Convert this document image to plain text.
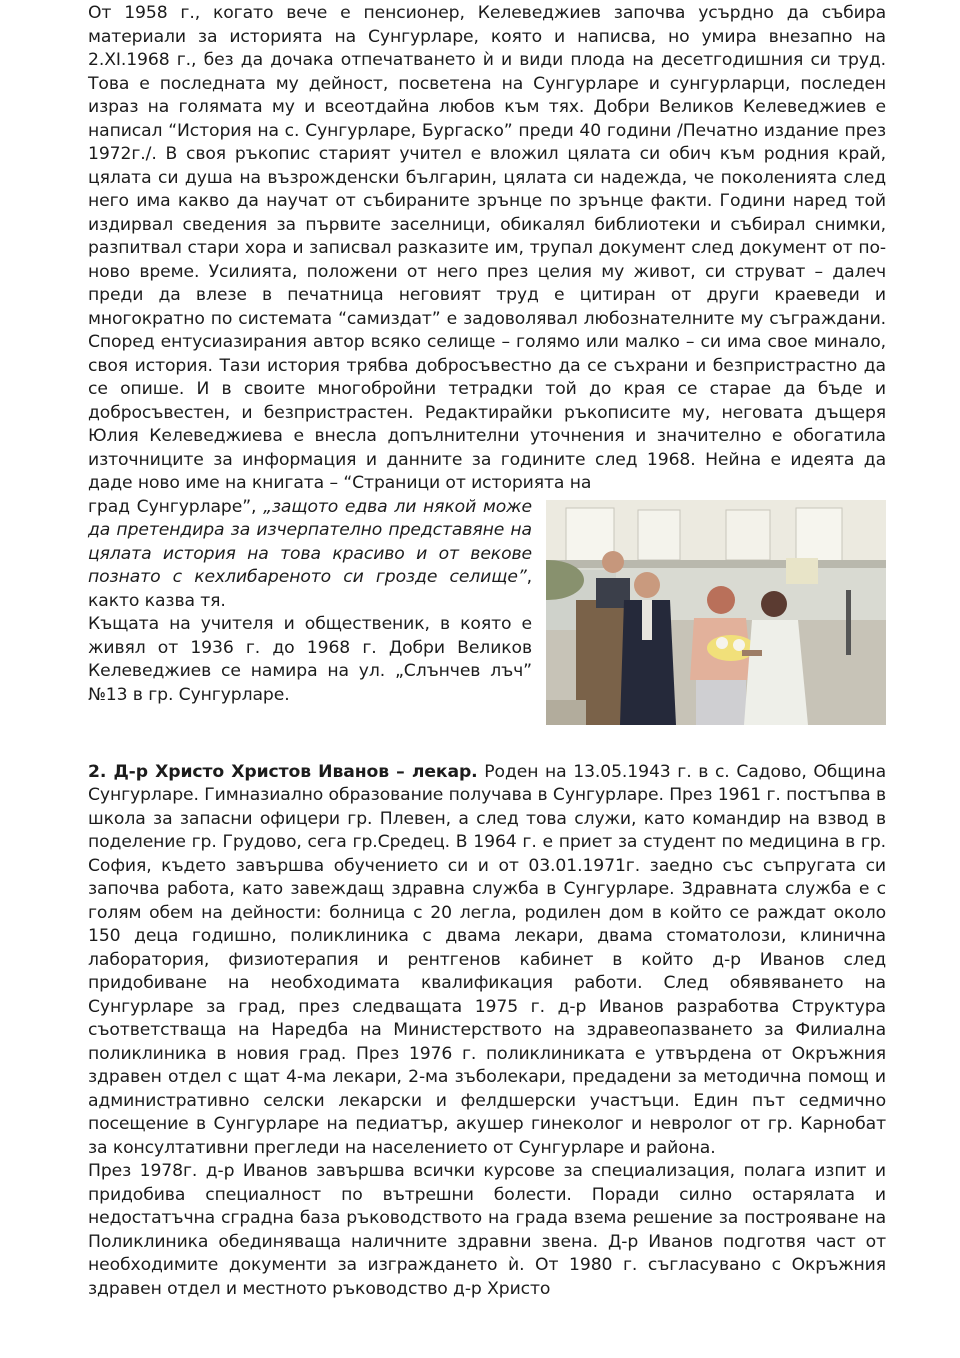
От 1958 г., когато вече е пенсионер, Келеведжиев започва усърдно да събира материали за историята на Сунгурларе, която и написва, но умира внезапно на 2.XI.1968 г., без да дочака отпечатването ѝ и види плода на десетгодишния си труд. Това е последната му дейност, посветена на Сунгурларе и сунгурларци, последен израз на голямата му и всеотдайна любов към тях. Добри Великов Келеведжиев е написал “История на с. Сунгурларе, Бургаско” преди 40 години /Печатно издание през 1972г./. В своя ръкопис старият учител е вложил цялата си обич към родния край, цялата си душа на възрожденски българин, цялата си надежда, че поколенията след него има какво да научат от събираните зрънце по зрънце факти. Години наред той издирвал сведения за първите заселници, обикалял библиотеки и събирал снимки, разпитвал стари хора и записвал разказите им, трупал документ след документ от по-ново време. Усилията, положени от него през целия му живот, си струват – далеч преди да влезе в печатница неговият труд е цитиран от други краеведи и многократно по системата “самиздат” е задоволявал любознателните му съграждани. Според ентусиазирания автор всяко селище – голямо или малко – си има свое минало, своя история. Тази история трябва добросъвестно да се съхрани и безпристрастно да се опише. И в своите многобройни тетрадки той до края се старае да бъде и добросъвестен, и безпристрастен. Редактирайки ръкописите му, неговата дъщеря Юлия Келеведжиева е внесла допълнителни уточнения и значително е обогатила източниците за информация и данните за годините след 1968. Нейна е идеята да даде ново име на книгата – “Страници от историята на

град Сунгурларе”, „защото едва ли някой може да претендира за изчерпателно представяне на цялата история на това красиво и от векове познато с кехлибареното си грозде селище”, както казва тя.
Къщата на учителя и общественик, в която е живял от 1936 г. до 1968 г. Добри Великов Келеведжиев се намира на ул. „Слънчев лъч” №13 в гр. Сунгурларе.

2. Д-р Христо Христов Иванов – лекар. Роден на 13.05.1943 г. в с. Садово, Община Сунгурларе. Гимназиално образование получава в Сунгурларе. През 1961 г. постъпва в школа за запасни офицери гр. Плевен, а след това служи, като командир на взвод в поделение гр. Грудово, сега гр.Средец. В 1964 г. е приет за студент по медицина в гр. София, където завършва обучението си и от 03.01.1971г. заедно със съпругата си започва работа, като завеждащ здравна служба в Сунгурларе. Здравната служба е с голям обем на дейности: болница с 20 легла, родилен дом в който се раждат около 150 деца годишно, поликлиника с двама лекари, двама стоматолози, клинична лаборатория, физиотерапия и рентгенов кабинет в който д-р Иванов след придобиване на необходимата квалификация работи. След обявяването на Сунгурларе за град, през следващата 1975 г. д-р Иванов разработва Структура съответстваща на Наредба на Министерството на здравеопазването за Филиална поликлиника в новия град. През 1976 г. поликлиниката е утвърдена от Окръжния здравен отдел с щат 4-ма лекари, 2-ма зъболекари, предадени за методична помощ и административно селски лекарски и фелдшерски участъци. Един път седмично посещение в Сунгурларе на педиатър, акушер гинеколог и невролог от гр. Карнобат за консултативни прегледи на населението от Сунгурларе и района.

През 1978г. д-р Иванов завършва всички курсове за специализация, полага изпит и придобива специалност по вътрешни болести. Поради силно остарялата и недостатъчна сградна база ръководството на града взема решение за построяване на Поликлиника обединяваща наличните здравни звена. Д-р Иванов подготвя част от необходимите документи за изграждането ѝ. От 1980 г. съгласувано с Окръжния здравен отдел и местното ръководство д-р Христо
